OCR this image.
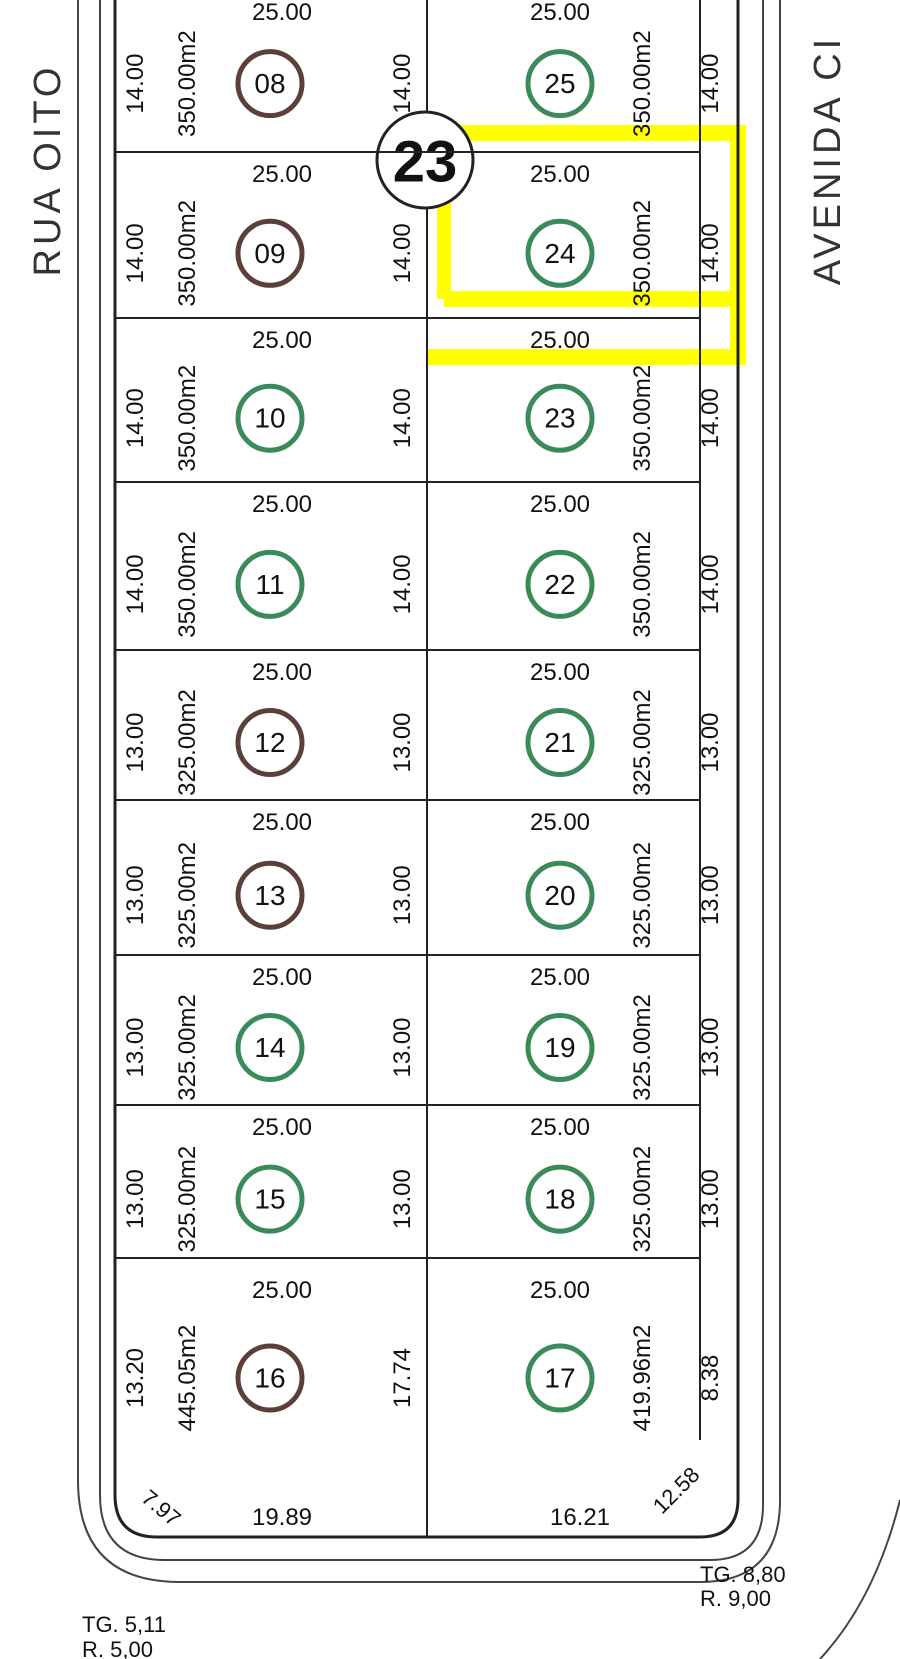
RUA OITO	AVENIDA CI
23
TG. 5,11
R. 5,00
TG. 8,80
R. 9,00
08
25.00
14.00 350.00m2	14.00
09
25.00
14.00 350.00m2	14.00
10
25.00
14.00 350.00m2	14.00
11
25.00
14.00 350.00m2	14.00
12
25.00
13.00 325.00m2	13.00
13
25.00
13.00 325.00m2	13.00
14
25.00
13.00 325.00m2	13.00
15
25.00
13.00 325.00m2	13.00
16
25.00
13.20 445.05m2	17.74
19.89
7.97
25
25.00
350.00m2 14.00
24
25.00
350.00m2 14.00
23
25.00
350.00m2 14.00
22
25.00
350.00m2 14.00
21
25.00
325.00m2 13.00
20
25.00
325.00m2 13.00
19
25.00
325.00m2 13.00
18
25.00
325.00m2 13.00
17
25.00
419.96m2 8.38
16.21 12.58
